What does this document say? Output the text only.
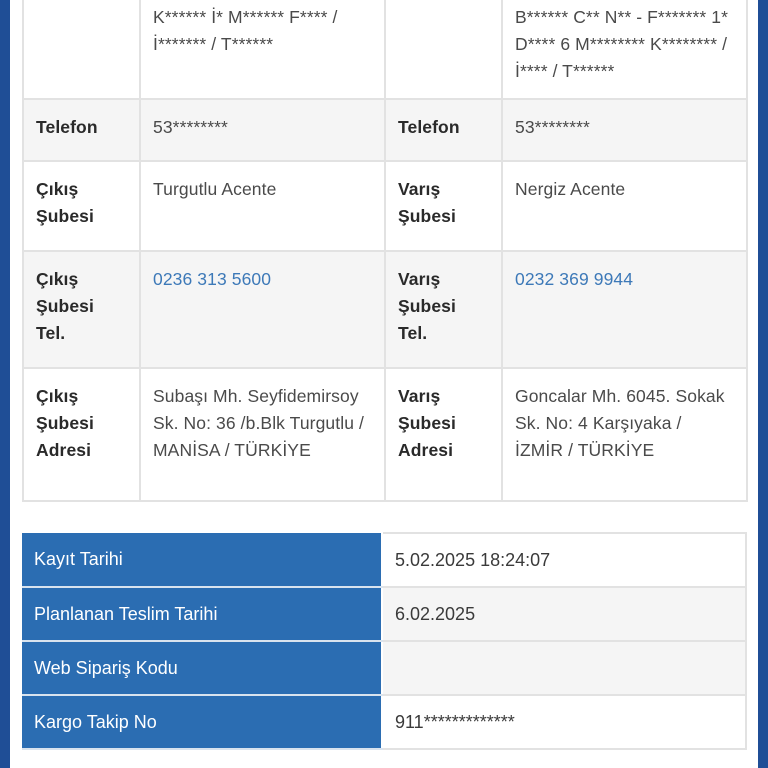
	K****** İ* M****** F**** / İ******* / T******		B****** C** N** - F******* 1* D**** 6 M******** K******** / İ**** / T******
Telefon	53********	Telefon	53********
Çıkış Şubesi	Turgutlu Acente	Varış Şubesi	Nergiz Acente
Çıkış Şubesi Tel.	0236 313 5600	Varış Şubesi Tel.	0232 369 9944
Çıkış Şubesi Adresi	Subaşı Mh. Seyfidemirsoy Sk. No: 36 /b.Blk Turgutlu / MANİSA / TÜRKİYE	Varış Şubesi Adresi	Goncalar Mh. 6045. Sokak Sk. No: 4 Karşıyaka / İZMİR / TÜRKİYE
Kayıt Tarihi	5.02.2025 18:24:07
Planlanan Teslim Tarihi	6.02.2025
Web Sipariş Kodu	
Kargo Takip No	911*************
